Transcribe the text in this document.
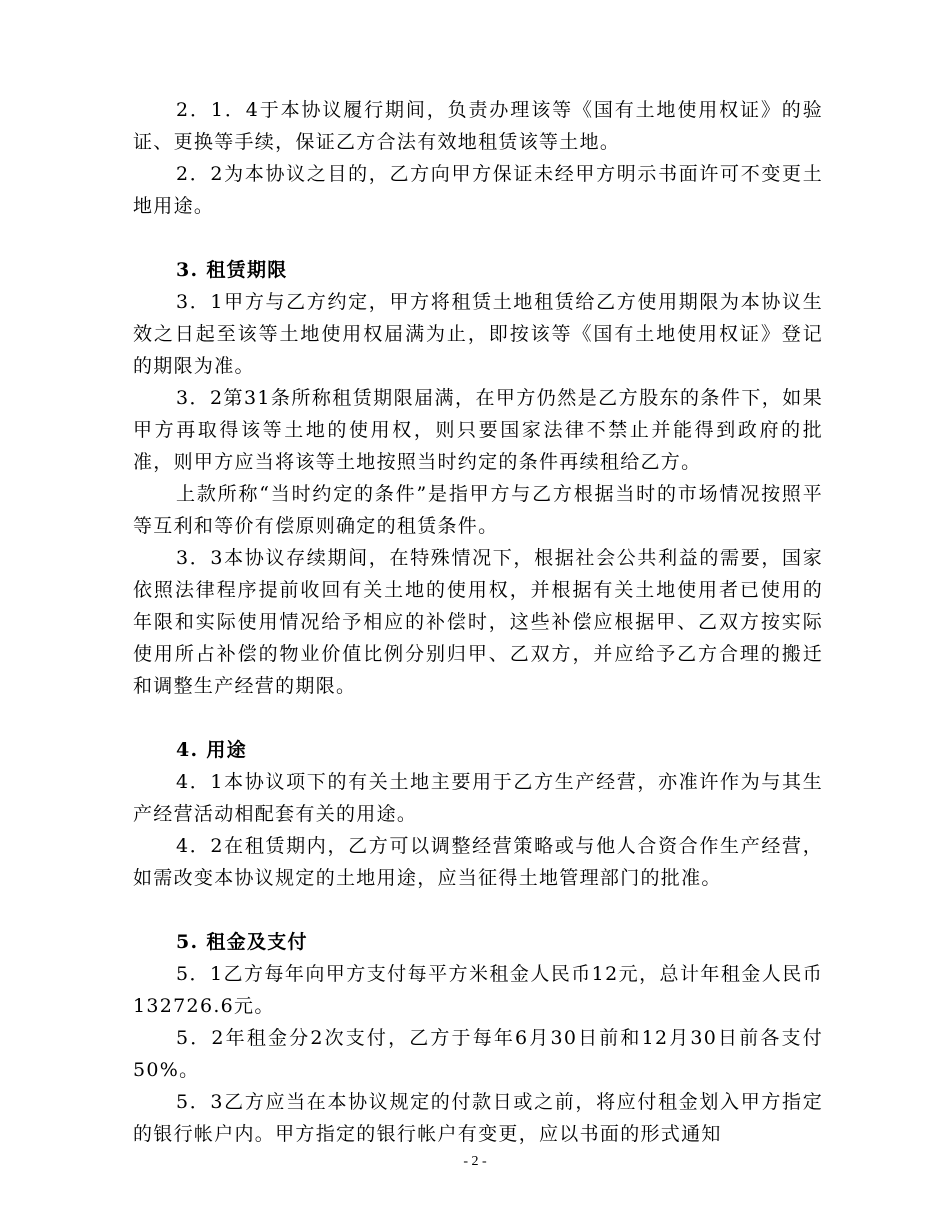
2．1．4于本协议履行期间，负责办理该等《国有土地使用权证》的验证、更换等手续，保证乙方合法有效地租赁该等土地。

2．2为本协议之目的，乙方向甲方保证未经甲方明示书面许可不变更土地用途。

3. 租赁期限

3．1甲方与乙方约定，甲方将租赁土地租赁给乙方使用期限为本协议生效之日起至该等土地使用权届满为止，即按该等《国有土地使用权证》登记的期限为准。

3．2第31条所称租赁期限届满，在甲方仍然是乙方股东的条件下，如果甲方再取得该等土地的使用权，则只要国家法律不禁止并能得到政府的批准，则甲方应当将该等土地按照当时约定的条件再续租给乙方。

上款所称“当时约定的条件”是指甲方与乙方根据当时的市场情况按照平等互利和等价有偿原则确定的租赁条件。

3．3本协议存续期间，在特殊情况下，根据社会公共利益的需要，国家依照法律程序提前收回有关土地的使用权，并根据有关土地使用者已使用的年限和实际使用情况给予相应的补偿时，这些补偿应根据甲、乙双方按实际使用所占补偿的物业价值比例分别归甲、乙双方，并应给予乙方合理的搬迁和调整生产经营的期限。

4. 用途

4．1本协议项下的有关土地主要用于乙方生产经营，亦准许作为与其生产经营活动相配套有关的用途。

4．2在租赁期内，乙方可以调整经营策略或与他人合资合作生产经营，如需改变本协议规定的土地用途，应当征得土地管理部门的批准。

5. 租金及支付

5．1乙方每年向甲方支付每平方米租金人民币12元，总计年租金人民币132726.6元。

5．2年租金分2次支付，乙方于每年6月30日前和12月30日前各支付50%。

5．3乙方应当在本协议规定的付款日或之前，将应付租金划入甲方指定的银行帐户内。甲方指定的银行帐户有变更，应以书面的形式通知

- 2 -
